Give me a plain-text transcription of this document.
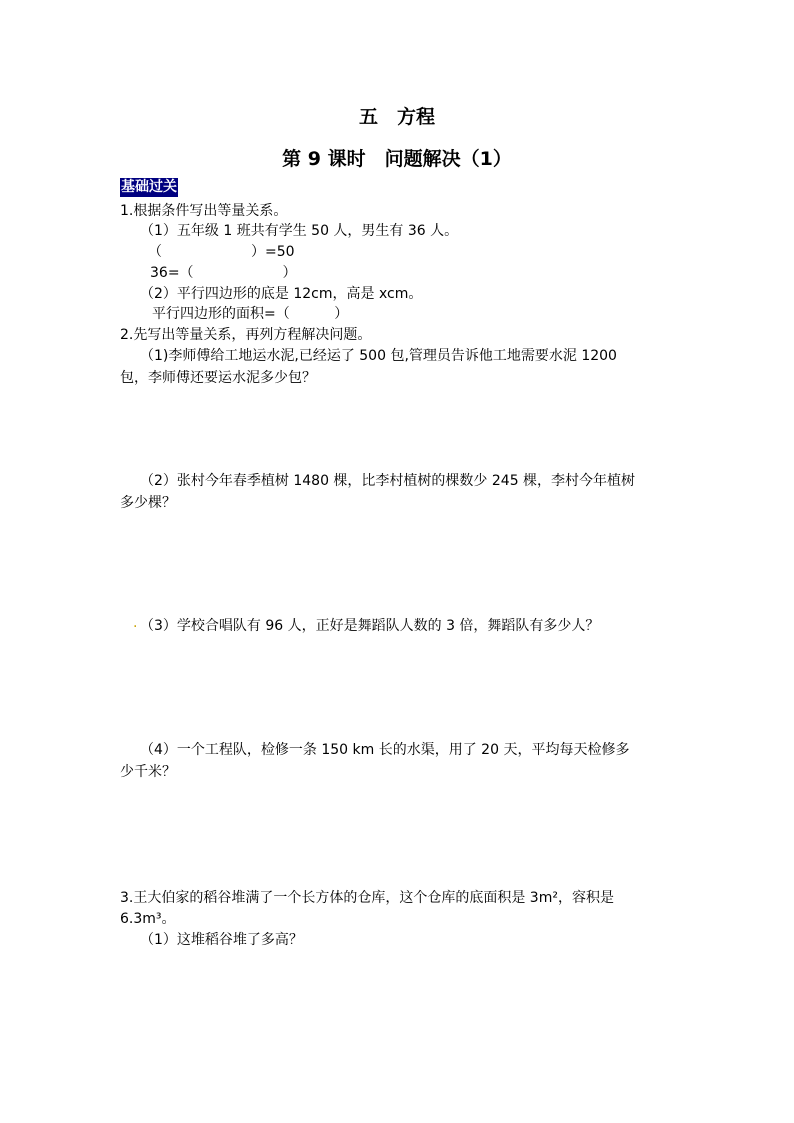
五　方程
第 9 课时　问题解决（1）
基础过关
1.根据条件写出等量关系。
（1）五年级 1 班共有学生 50 人，男生有 36 人。
（                    ）=50
36=（                    ）
（2）平行四边形的底是 12cm，高是 xcm。
平行四边形的面积=（          ）
2.先写出等量关系，再列方程解决问题。
（1)李师傅给工地运水泥,已经运了 500 包,管理员告诉他工地需要水泥 1200
包，李师傅还要运水泥多少包？
（2）张村今年春季植树 1480 棵，比李村植树的棵数少 245 棵，李村今年植树
多少棵？
. （3）学校合唱队有 96 人，正好是舞蹈队人数的 3 倍，舞蹈队有多少人？
（4）一个工程队，检修一条 150 km 长的水渠，用了 20 天，平均每天检修多
少千米？
3.王大伯家的稻谷堆满了一个长方体的仓库，这个仓库的底面积是 3m²，容积是
6.3m³。
（1）这堆稻谷堆了多高？
